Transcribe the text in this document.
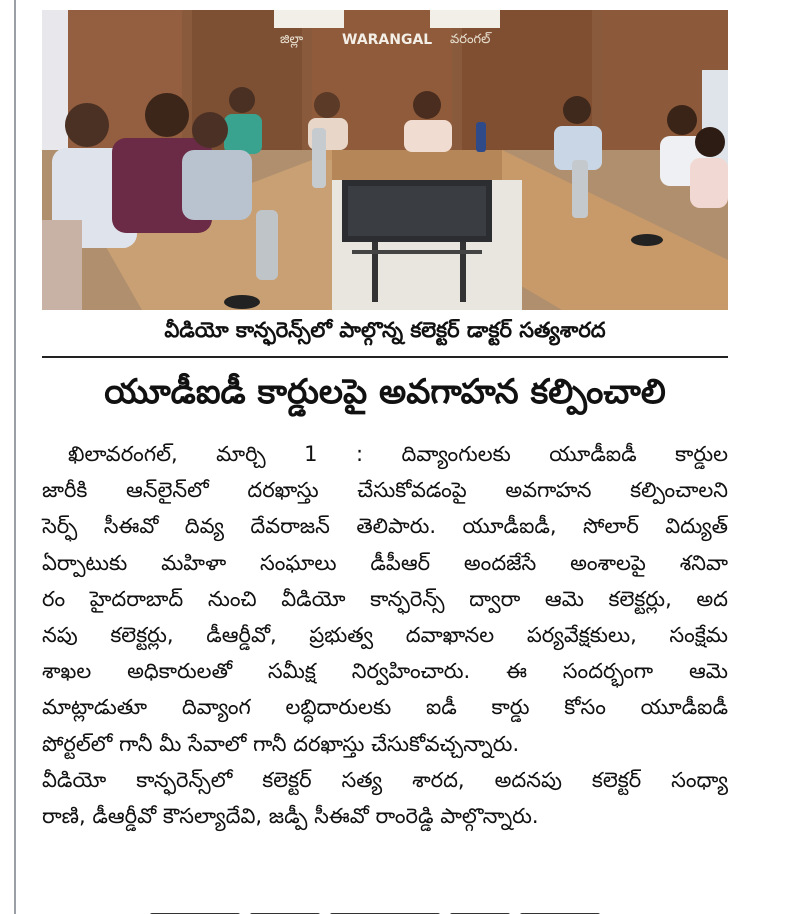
జిల్లా	WARANGAL వరంగల్
వీడియో కాన్ఫరెన్స్‌లో పాల్గొన్న కలెక్టర్ డాక్టర్ సత్యశారద
యూడీఐడీ కార్డులపై అవగాహన కల్పించాలి
ఖిలావరంగల్, మార్చి 1 : దివ్యాంగులకు యూడీఐడీ కార్డుల
జారీకి ఆన్‌లైన్‌లో దరఖాస్తు చేసుకోవడంపై అవగాహన కల్పించాలని
సెర్ఫ్ సీఈవో దివ్య దేవరాజన్ తెలిపారు. యూడీఐడీ, సోలార్ విద్యుత్
ఏర్పాటుకు మహిళా సంఘాలు డీపీఆర్ అందజేసే అంశాలపై శనివా
రం హైదరాబాద్ నుంచి వీడియో కాన్ఫరెన్స్ ద్వారా ఆమె కలెక్టర్లు, అద
నపు కలెక్టర్లు, డీఆర్డీవో, ప్రభుత్వ దవాఖానల పర్యవేక్షకులు, సంక్షేమ
శాఖల అధికారులతో సమీక్ష నిర్వహించారు. ఈ సందర్భంగా ఆమె
మాట్లాడుతూ దివ్యాంగ లబ్ధిదారులకు ఐడీ కార్డు కోసం యూడీఐడీ
పోర్టల్‌లో గానీ మీ సేవాలో గానీ దరఖాస్తు చేసుకోవచ్చన్నారు.
వీడియో కాన్ఫరెన్స్‌లో కలెక్టర్ సత్య శారద, అదనపు కలెక్టర్ సంధ్యా
రాణి, డీఆర్డీవో కౌసల్యాదేవి, జడ్పీ సీఈవో రాంరెడ్డి పాల్గొన్నారు.
